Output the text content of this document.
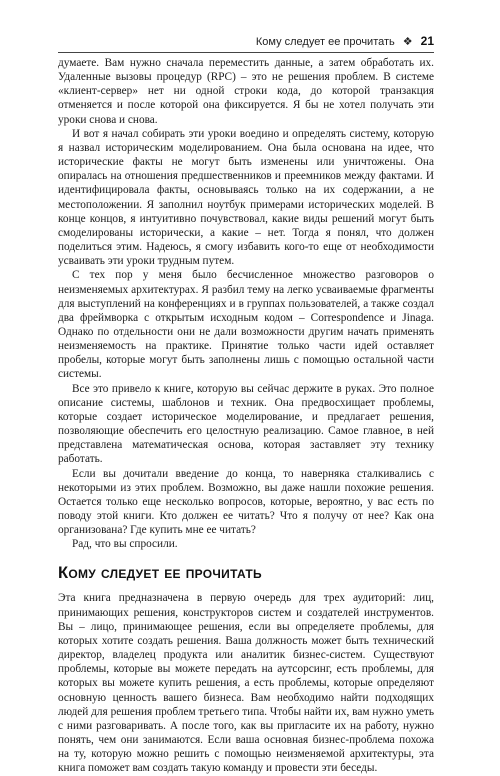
Кому следует ее прочитать ❖ 21

думаете. Вам нужно сначала переместить данные, а затем обработать их. Удаленные вызовы процедур (RPC) – это не решения проблем. В системе «клиент-сервер» нет ни одной строки кода, до которой транзакция отменяется и после которой она фиксируется. Я бы не хотел получать эти уроки снова и снова.

И вот я начал собирать эти уроки воедино и определять систему, которую я назвал историческим моделированием. Она была основана на идее, что исторические факты не могут быть изменены или уничтожены. Она опиралась на отношения предшественников и преемников между фактами. И идентифицировала факты, основываясь только на их содержании, а не местоположении. Я заполнил ноутбук примерами исторических моделей. В конце концов, я интуитивно почувствовал, какие виды решений могут быть смоделированы исторически, а какие – нет. Тогда я понял, что должен поделиться этим. Надеюсь, я смогу избавить кого-то еще от необходимости усваивать эти уроки трудным путем.

С тех пор у меня было бесчисленное множество разговоров о неизменяемых архитектурах. Я разбил тему на легко усваиваемые фрагменты для выступлений на конференциях и в группах пользователей, а также создал два фреймворка с открытым исходным кодом – Correspondence и Jinaga. Однако по отдельности они не дали возможности другим начать применять неизменяемость на практике. Принятие только части идей оставляет пробелы, которые могут быть заполнены лишь с помощью остальной части системы.

Все это привело к книге, которую вы сейчас держите в руках. Это полное описание системы, шаблонов и техник. Она предвосхищает проблемы, которые создает историческое моделирование, и предлагает решения, позволяющие обеспечить его целостную реализацию. Самое главное, в ней представлена математическая основа, которая заставляет эту технику работать.

Если вы дочитали введение до конца, то наверняка сталкивались с некоторыми из этих проблем. Возможно, вы даже нашли похожие решения. Остается только еще несколько вопросов, которые, вероятно, у вас есть по поводу этой книги. Кто должен ее читать? Что я получу от нее? Как она организована? Где купить мне ее читать?

Рад, что вы спросили.

Кому следует ее прочитать

Эта книга предназначена в первую очередь для трех аудиторий: лиц, принимающих решения, конструкторов систем и создателей инструментов. Вы – лицо, принимающее решения, если вы определяете проблемы, для которых хотите создать решения. Ваша должность может быть технический директор, владелец продукта или аналитик бизнес-систем. Существуют проблемы, которые вы можете передать на аутсорсинг, есть проблемы, для которых вы можете купить решения, а есть проблемы, которые определяют основную ценность вашего бизнеса. Вам необходимо найти подходящих людей для решения проблем третьего типа. Чтобы найти их, вам нужно уметь с ними разговаривать. А после того, как вы пригласите их на работу, нужно понять, чем они занимаются. Если ваша основная бизнес-проблема похожа на ту, которую можно решить с помощью неизменяемой архитектуры, эта книга поможет вам создать такую команду и провести эти беседы.
